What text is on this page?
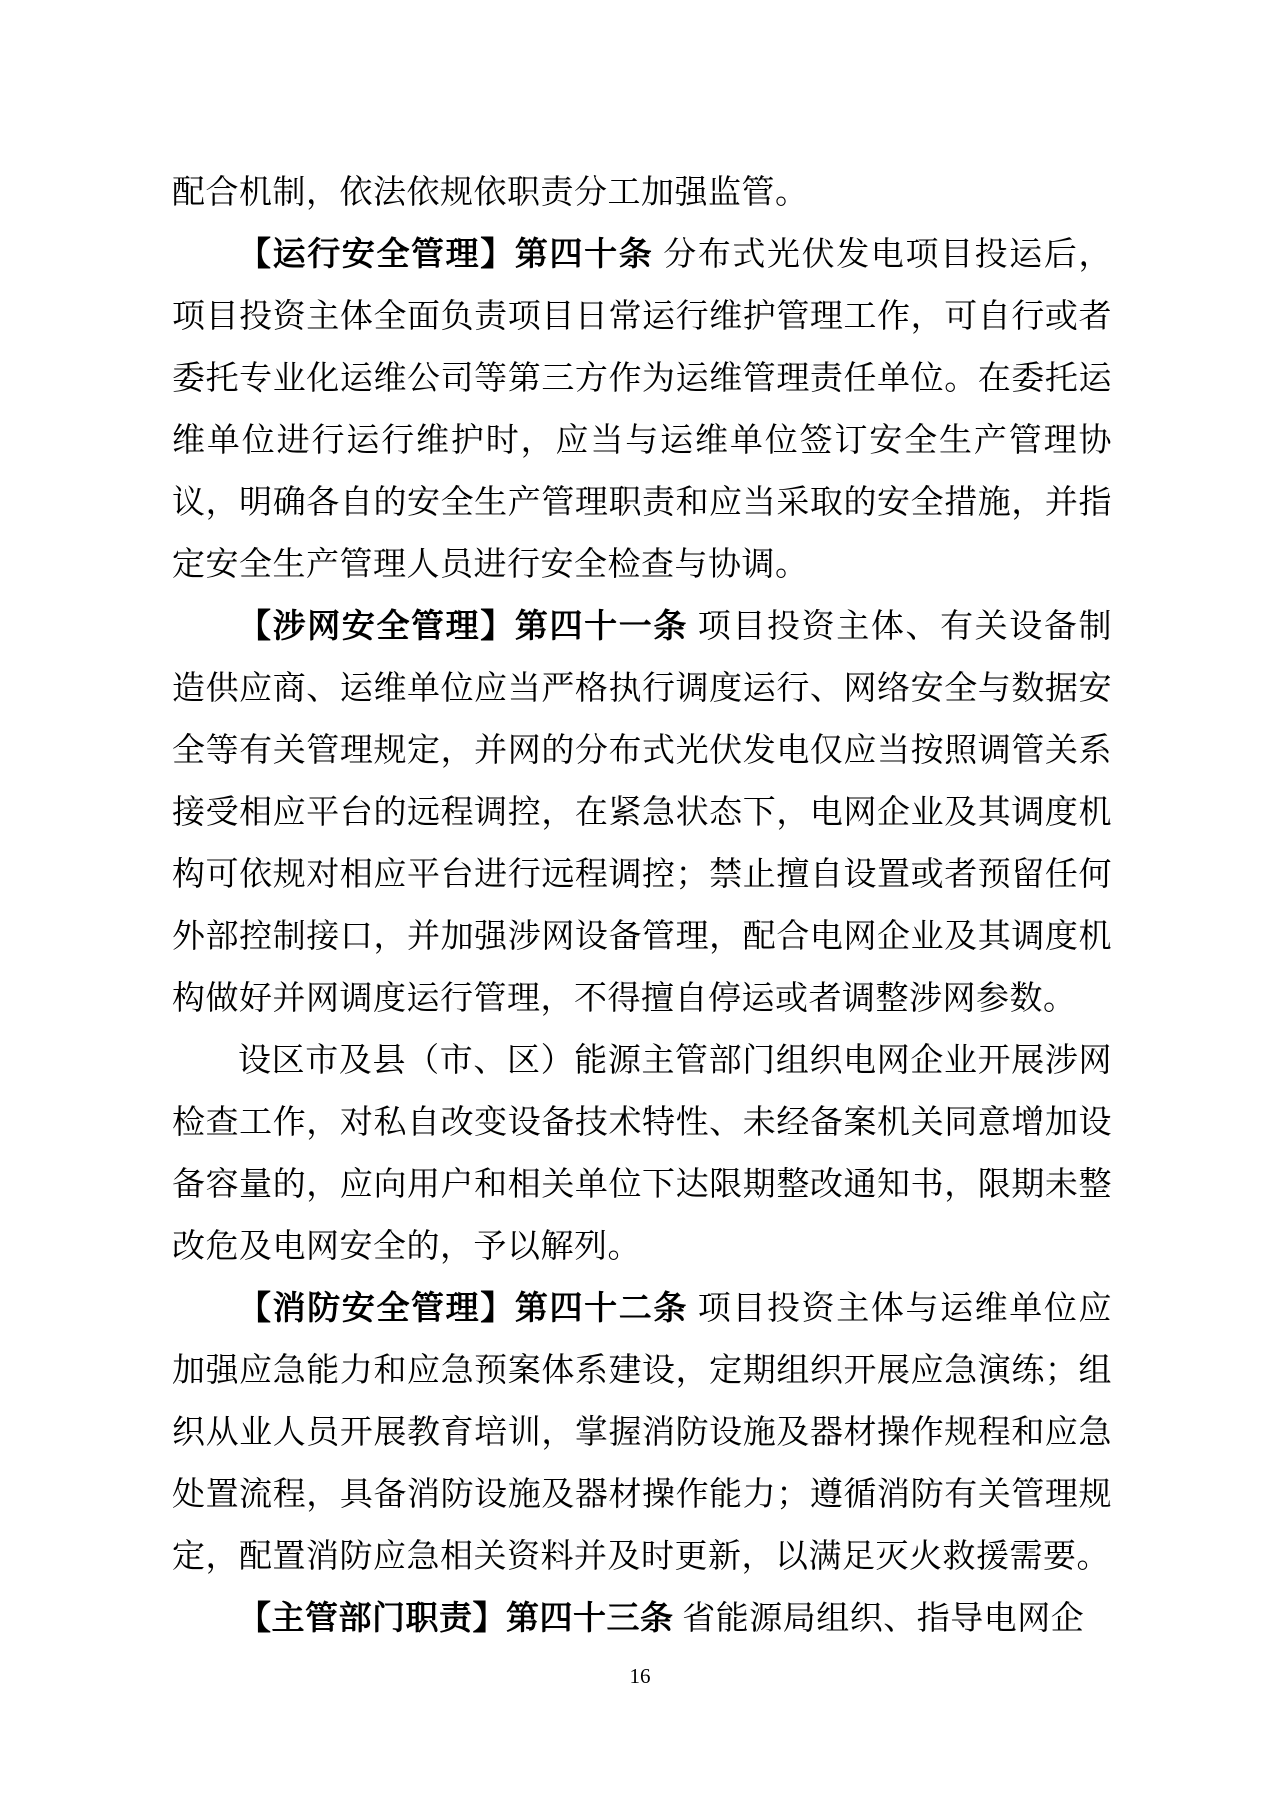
配合机制，依法依规依职责分工加强监管。

【运行安全管理】第四十条 分布式光伏发电项目投运后，项目投资主体全面负责项目日常运行维护管理工作，可自行或者委托专业化运维公司等第三方作为运维管理责任单位。在委托运维单位进行运行维护时，应当与运维单位签订安全生产管理协议，明确各自的安全生产管理职责和应当采取的安全措施，并指定安全生产管理人员进行安全检查与协调。

【涉网安全管理】第四十一条 项目投资主体、有关设备制造供应商、运维单位应当严格执行调度运行、网络安全与数据安全等有关管理规定，并网的分布式光伏发电仅应当按照调管关系接受相应平台的远程调控，在紧急状态下，电网企业及其调度机构可依规对相应平台进行远程调控；禁止擅自设置或者预留任何外部控制接口，并加强涉网设备管理，配合电网企业及其调度机构做好并网调度运行管理，不得擅自停运或者调整涉网参数。

设区市及县（市、区）能源主管部门组织电网企业开展涉网检查工作，对私自改变设备技术特性、未经备案机关同意增加设备容量的，应向用户和相关单位下达限期整改通知书，限期未整改危及电网安全的，予以解列。

【消防安全管理】第四十二条 项目投资主体与运维单位应加强应急能力和应急预案体系建设，定期组织开展应急演练；组织从业人员开展教育培训，掌握消防设施及器材操作规程和应急处置流程，具备消防设施及器材操作能力；遵循消防有关管理规定，配置消防应急相关资料并及时更新，以满足灭火救援需要。

【主管部门职责】第四十三条 省能源局组织、指导电网企

16
